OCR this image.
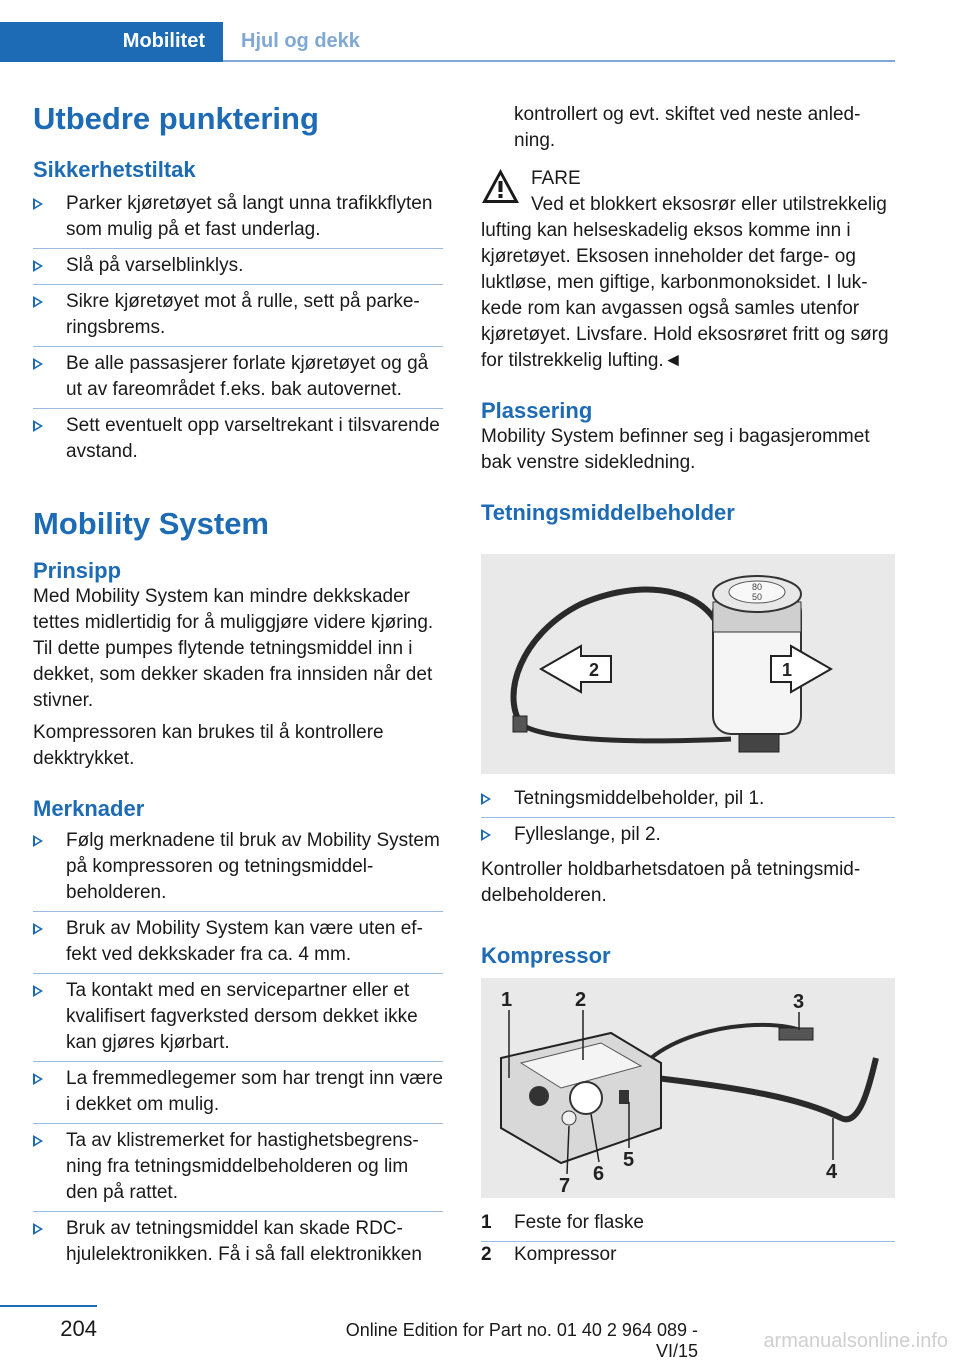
Mobilitet Hjul og dekk
Utbedre punktering
Sikkerhetstiltak
Parker kjøretøyet så langt unna trafikkflyten som mulig på et fast underlag.
Slå på varselblinklys.
Sikre kjøretøyet mot å rulle, sett på parkeringsbrems.
Be alle passasjerer forlate kjøretøyet og gå ut av fareområdet f.eks. bak autovernet.
Sett eventuelt opp varseltrekant i tilsvarende avstand.
Mobility System
Prinsipp
Med Mobility System kan mindre dekkskader tettes midlertidig for å muliggjøre videre kjøring. Til dette pumpes flytende tetningsmiddel inn i dekket, som dekker skaden fra innsiden når det stivner.
Kompressoren kan brukes til å kontrollere dekktrykket.
Merknader
Følg merknadene til bruk av Mobility System på kompressoren og tetningsmiddelbeholderen.
Bruk av Mobility System kan være uten effekt ved dekkskader fra ca. 4 mm.
Ta kontakt med en servicepartner eller et kvalifisert fagverksted dersom dekket ikke kan gjøres kjørbart.
La fremmedlegemer som har trengt inn være i dekket om mulig.
Ta av klistremerket for hastighetsbegrensning fra tetningsmiddelbeholderen og lim den på rattet.
Bruk av tetningsmiddel kan skade RDC-hjulelektronikken. Få i så fall elektronikken
kontrollert og evt. skiftet ved neste anledning.
FARE
Ved et blokkert eksosrør eller utilstrekkelig lufting kan helseskadelig eksos komme inn i kjøretøyet. Eksosen inneholder det farge- og luktløse, men giftige, karbonmonoksidet. I lukkede rom kan avgassen også samles utenfor kjøretøyet. Livsfare. Hold eksosrøret fritt og sørg for tilstrekkelig lufting.◄
Plassering
Mobility System befinner seg i bagasjerommet bak venstre sidekledning.
Tetningsmiddelbeholder
80
50
2	1
Tetningsmiddelbeholder, pil 1.
Fylleslange, pil 2.
Kontroller holdbarhetsdatoen på tetningsmiddelbeholderen.
Kompressor
1	2	3
4
5
6
7
1 Feste for flaske
2 Kompressor
204	Online Edition for Part no. 01 40 2 964 089 - VI/15	armanualsonline.info
